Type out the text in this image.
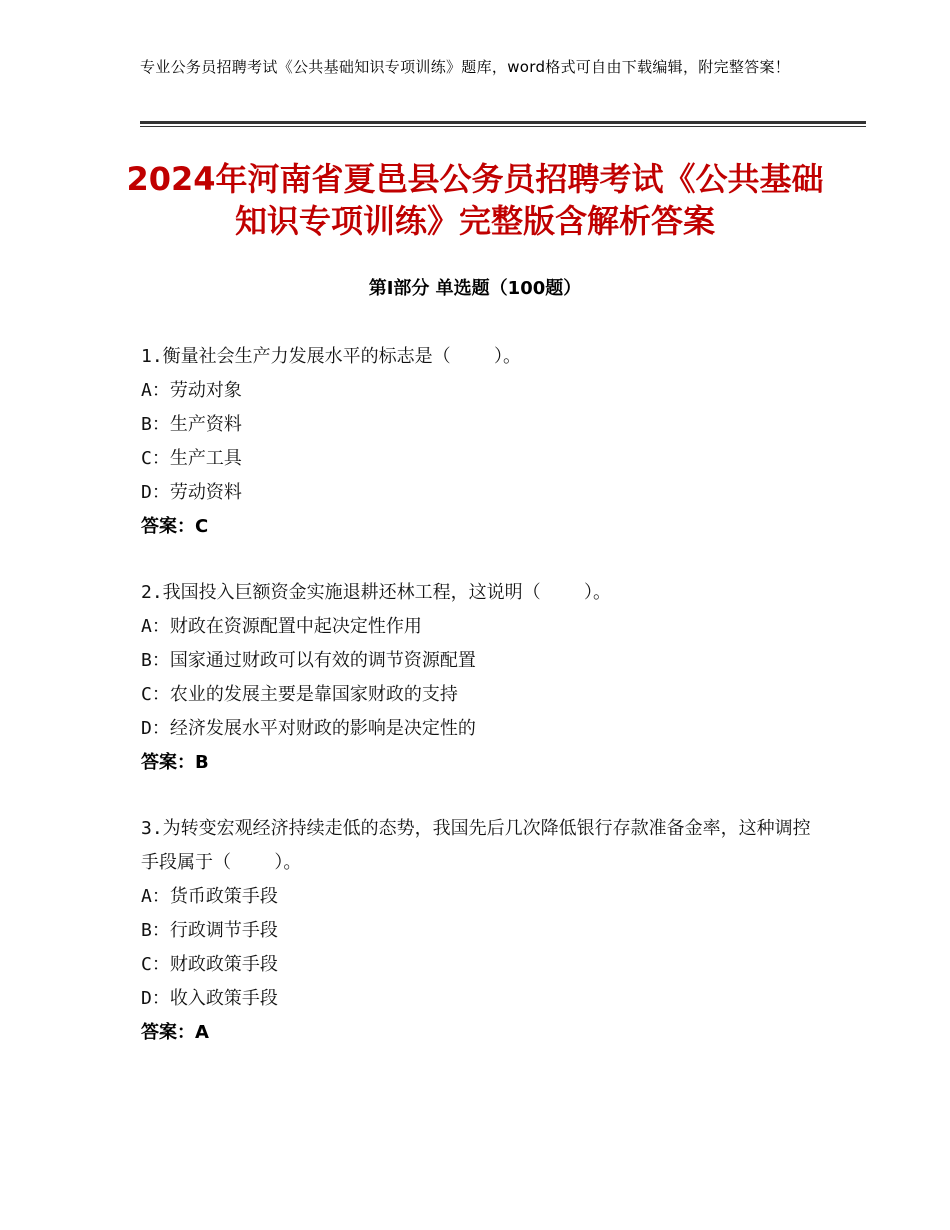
专业公务员招聘考试《公共基础知识专项训练》题库，word格式可自由下载编辑，附完整答案！
2024年河南省夏邑县公务员招聘考试《公共基础知识专项训练》完整版含解析答案
第Ⅰ部分 单选题（100题）
1.衡量社会生产力发展水平的标志是（    ）。
A：劳动对象
B：生产资料
C：生产工具
D：劳动资料
答案：C
2.我国投入巨额资金实施退耕还林工程，这说明（    ）。
A：财政在资源配置中起决定性作用
B：国家通过财政可以有效的调节资源配置
C：农业的发展主要是靠国家财政的支持
D：经济发展水平对财政的影响是决定性的
答案：B
3.为转变宏观经济持续走低的态势，我国先后几次降低银行存款准备金率，这种调控手段属于（    ）。
A：货币政策手段
B：行政调节手段
C：财政政策手段
D：收入政策手段
答案：A
